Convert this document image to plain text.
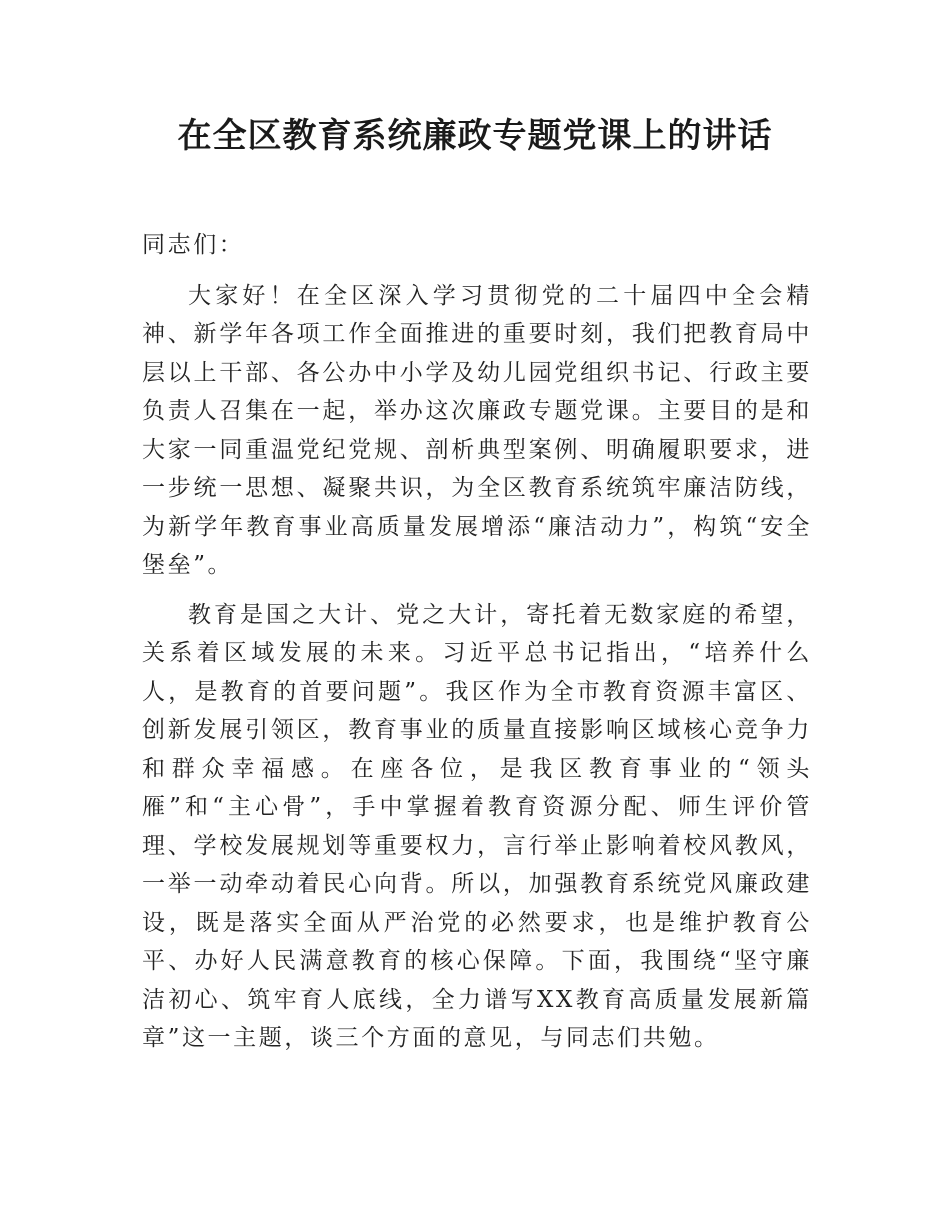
在全区教育系统廉政专题党课上的讲话

同志们：

大家好！在全区深入学习贯彻党的二十届四中全会精神、新学年各项工作全面推进的重要时刻，我们把教育局中层以上干部、各公办中小学及幼儿园党组织书记、行政主要负责人召集在一起，举办这次廉政专题党课。主要目的是和大家一同重温党纪党规、剖析典型案例、明确履职要求，进一步统一思想、凝聚共识，为全区教育系统筑牢廉洁防线，为新学年教育事业高质量发展增添“廉洁动力”，构筑“安全堡垒”。

教育是国之大计、党之大计，寄托着无数家庭的希望，关系着区域发展的未来。习近平总书记指出，“培养什么人，是教育的首要问题”。我区作为全市教育资源丰富区、创新发展引领区，教育事业的质量直接影响区域核心竞争力和群众幸福感。在座各位，是我区教育事业的“领头雁”和“主心骨”，手中掌握着教育资源分配、师生评价管理、学校发展规划等重要权力，言行举止影响着校风教风，一举一动牵动着民心向背。所以，加强教育系统党风廉政建设，既是落实全面从严治党的必然要求，也是维护教育公平、办好人民满意教育的核心保障。下面，我围绕“坚守廉洁初心、筑牢育人底线，全力谱写XX教育高质量发展新篇章”这一主题，谈三个方面的意见，与同志们共勉。
